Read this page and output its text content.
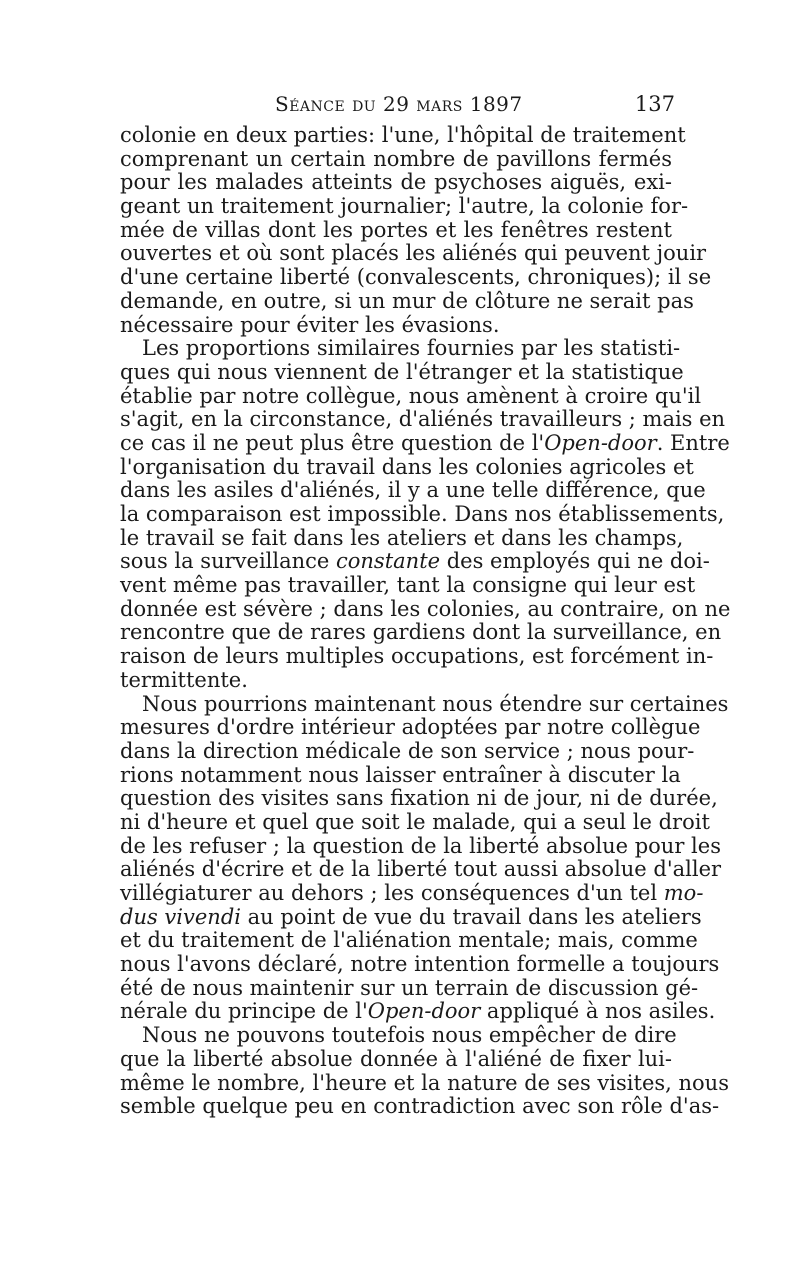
Séance du 29 mars 1897	137
colonie en deux parties: l'une, l'hôpital de traitement
comprenant un certain nombre de pavillons fermés
pour les malades atteints de psychoses aiguës, exi-
geant un traitement journalier; l'autre, la colonie for-
mée de villas dont les portes et les fenêtres restent
ouvertes et où sont placés les aliénés qui peuvent jouir
d'une certaine liberté (convalescents, chroniques); il se
demande, en outre, si un mur de clôture ne serait pas
nécessaire pour éviter les évasions.
Les proportions similaires fournies par les statisti-
ques qui nous viennent de l'étranger et la statistique
établie par notre collègue, nous amènent à croire qu'il
s'agit, en la circonstance, d'aliénés travailleurs ; mais en
ce cas il ne peut plus être question de l'Open-door. Entre
l'organisation du travail dans les colonies agricoles et
dans les asiles d'aliénés, il y a une telle différence, que
la comparaison est impossible. Dans nos établissements,
le travail se fait dans les ateliers et dans les champs,
sous la surveillance constante des employés qui ne doi-
vent même pas travailler, tant la consigne qui leur est
donnée est sévère ; dans les colonies, au contraire, on ne
rencontre que de rares gardiens dont la surveillance, en
raison de leurs multiples occupations, est forcément in-
termittente.
Nous pourrions maintenant nous étendre sur certaines
mesures d'ordre intérieur adoptées par notre collègue
dans la direction médicale de son service ; nous pour-
rions notamment nous laisser entraîner à discuter la
question des visites sans fixation ni de jour, ni de durée,
ni d'heure et quel que soit le malade, qui a seul le droit
de les refuser ; la question de la liberté absolue pour les
aliénés d'écrire et de la liberté tout aussi absolue d'aller
villégiaturer au dehors ; les conséquences d'un tel mo-
dus vivendi au point de vue du travail dans les ateliers
et du traitement de l'aliénation mentale; mais, comme
nous l'avons déclaré, notre intention formelle a toujours
été de nous maintenir sur un terrain de discussion gé-
nérale du principe de l'Open-door appliqué à nos asiles.
Nous ne pouvons toutefois nous empêcher de dire
que la liberté absolue donnée à l'aliéné de fixer lui-
même le nombre, l'heure et la nature de ses visites, nous
semble quelque peu en contradiction avec son rôle d'as-
